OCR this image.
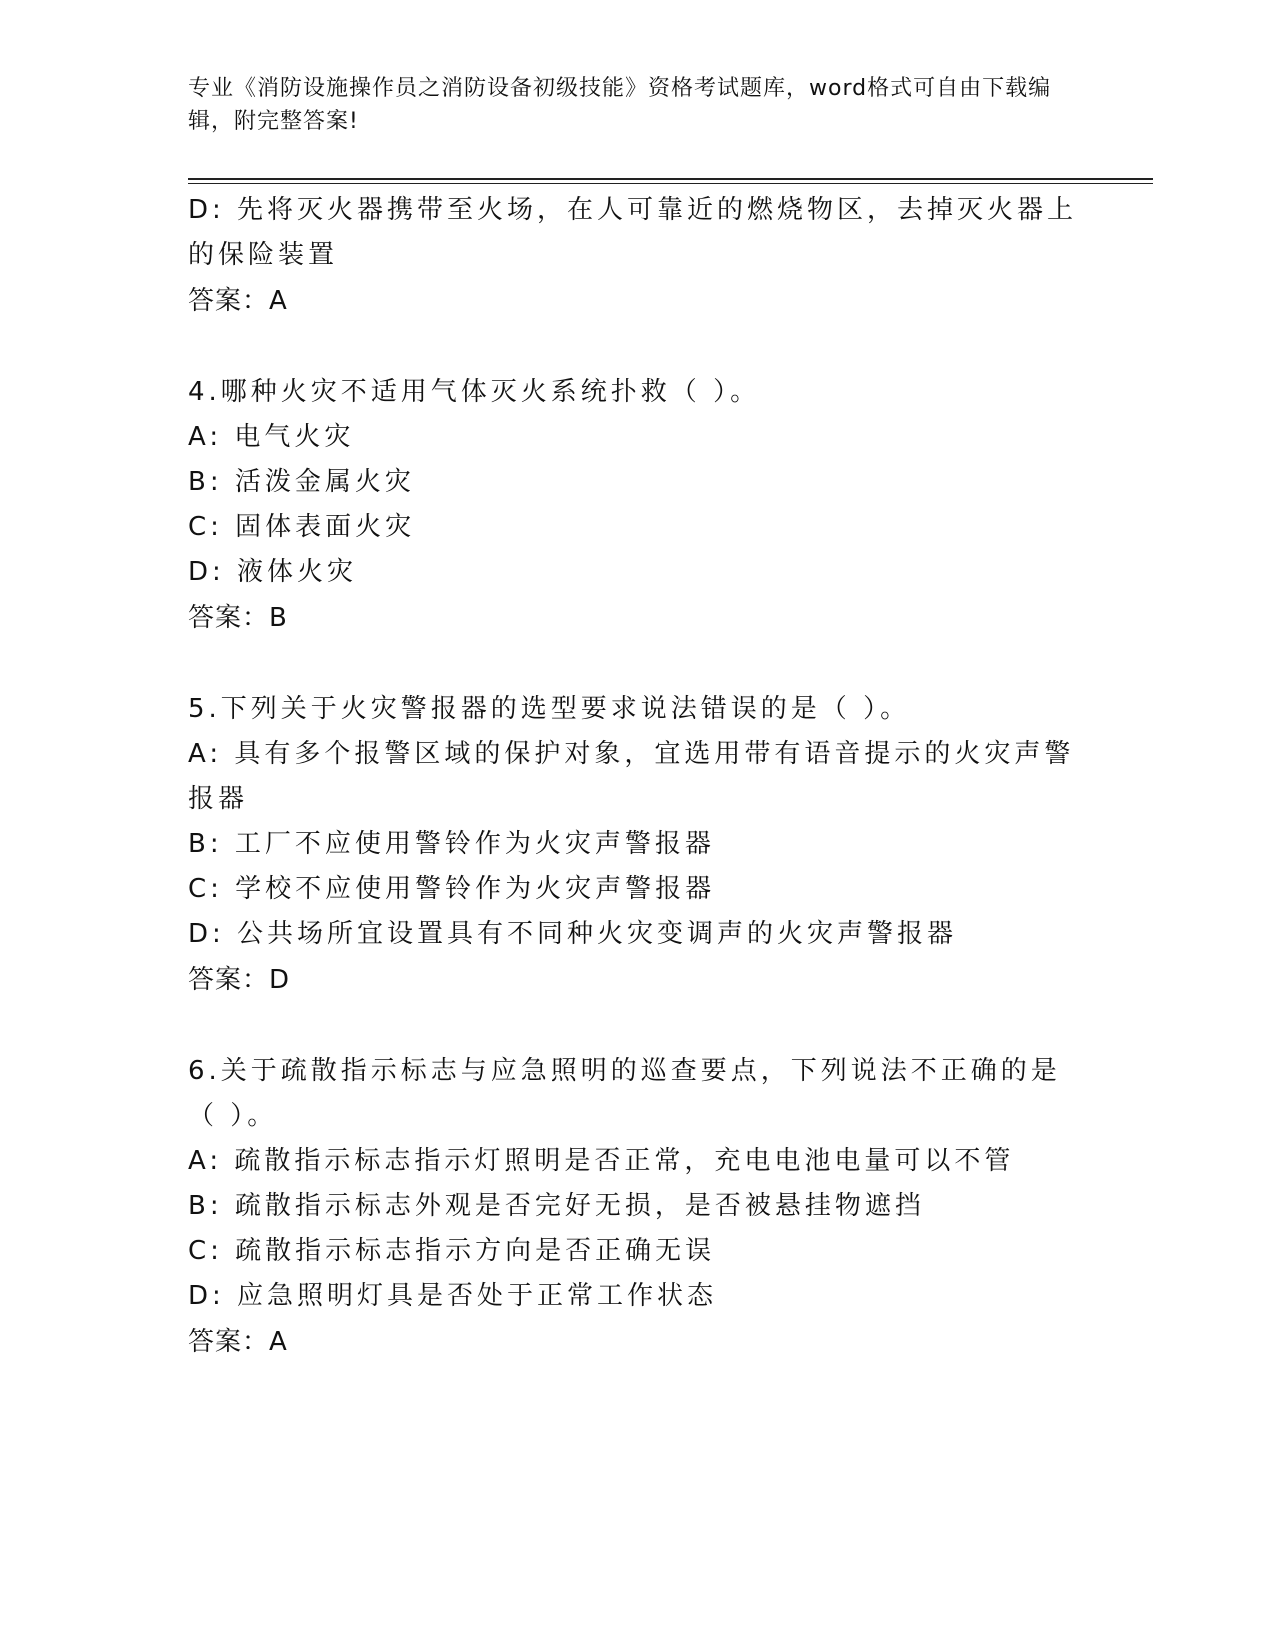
专业《消防设施操作员之消防设备初级技能》资格考试题库，word格式可自由下载编辑，附完整答案!
D: 先将灭火器携带至火场，在人可靠近的燃烧物区，去掉灭火器上的保险装置
答案：A
4.哪种火灾不适用气体灭火系统扑救（ ）。
A: 电气火灾
B: 活泼金属火灾
C: 固体表面火灾
D: 液体火灾
答案：B
5.下列关于火灾警报器的选型要求说法错误的是（ ）。
A: 具有多个报警区域的保护对象，宜选用带有语音提示的火灾声警报器
B: 工厂不应使用警铃作为火灾声警报器
C: 学校不应使用警铃作为火灾声警报器
D: 公共场所宜设置具有不同种火灾变调声的火灾声警报器
答案：D
6.关于疏散指示标志与应急照明的巡查要点，下列说法不正确的是（ ）。
A: 疏散指示标志指示灯照明是否正常，充电电池电量可以不管
B: 疏散指示标志外观是否完好无损，是否被悬挂物遮挡
C: 疏散指示标志指示方向是否正确无误
D: 应急照明灯具是否处于正常工作状态
答案：A
